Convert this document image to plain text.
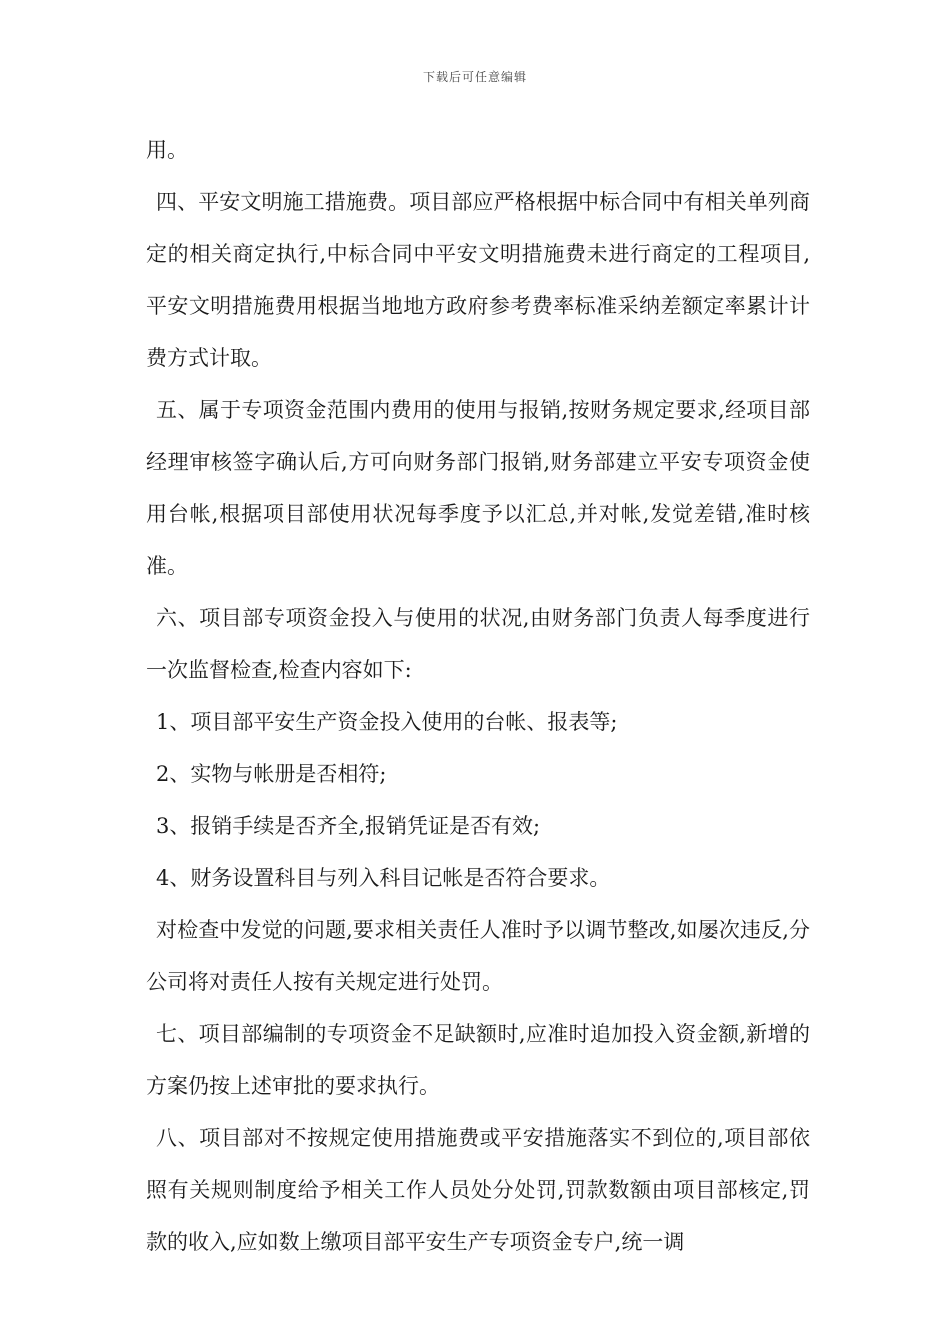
下载后可任意编辑

用。

四、平安文明施工措施费。项目部应严格根据中标合同中有相关单列商定的相关商定执行,中标合同中平安文明措施费未进行商定的工程项目,平安文明措施费用根据当地地方政府参考费率标准采纳差额定率累计计费方式计取。

五、属于专项资金范围内费用的使用与报销,按财务规定要求,经项目部经理审核签字确认后,方可向财务部门报销,财务部建立平安专项资金使用台帐,根据项目部使用状况每季度予以汇总,并对帐,发觉差错,准时核准。

六、项目部专项资金投入与使用的状况,由财务部门负责人每季度进行一次监督检查,检查内容如下:

1、项目部平安生产资金投入使用的台帐、报表等;

2、实物与帐册是否相符;

3、报销手续是否齐全,报销凭证是否有效;

4、财务设置科目与列入科目记帐是否符合要求。

对检查中发觉的问题,要求相关责任人准时予以调节整改,如屡次违反,分公司将对责任人按有关规定进行处罚。

七、项目部编制的专项资金不足缺额时,应准时追加投入资金额,新增的方案仍按上述审批的要求执行。

八、项目部对不按规定使用措施费或平安措施落实不到位的,项目部依照有关规则制度给予相关工作人员处分处罚,罚款数额由项目部核定,罚款的收入,应如数上缴项目部平安生产专项资金专户,统一调
